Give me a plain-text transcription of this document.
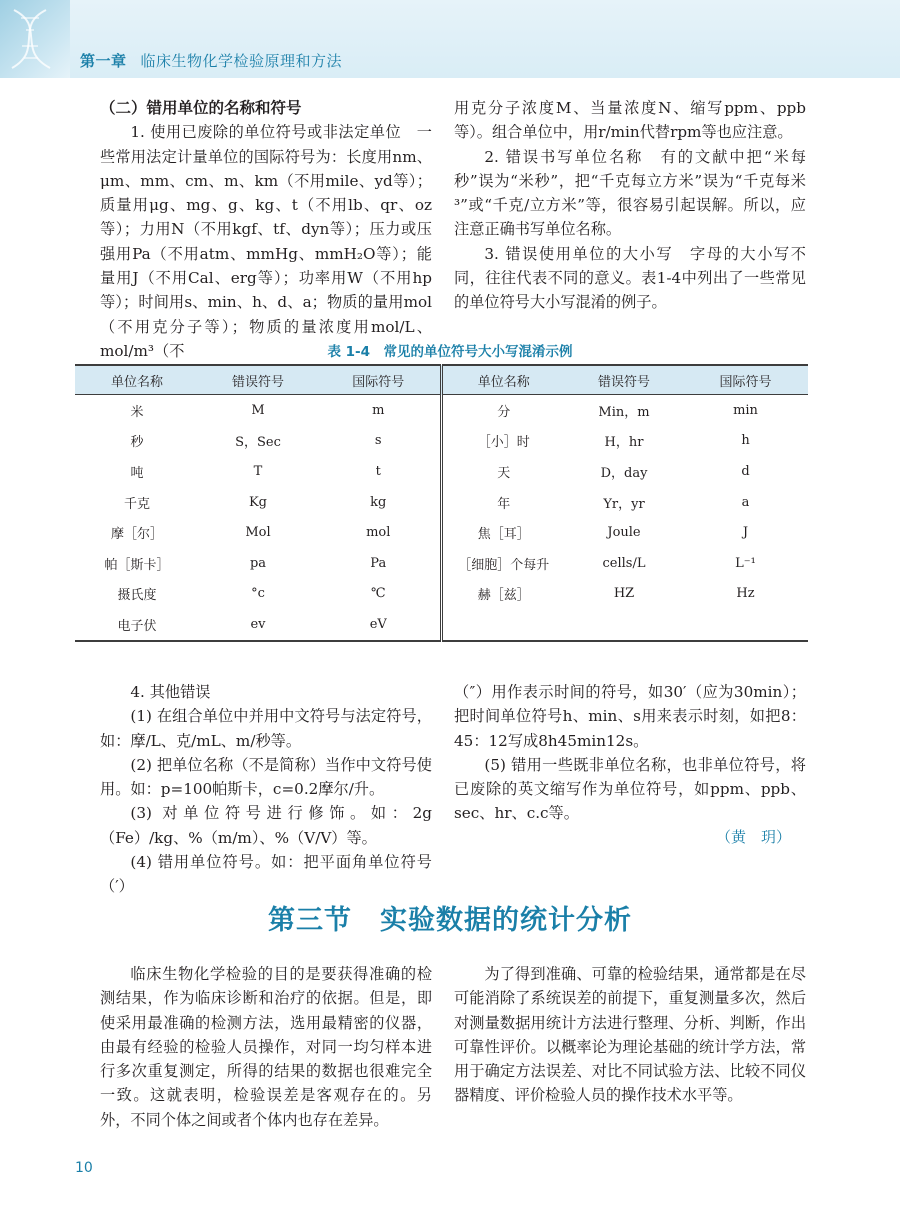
第一章 临床生物化学检验原理和方法

（二）错用单位的名称和符号

1. 使用已废除的单位符号或非法定单位　一些常用法定计量单位的国际符号为：长度用nm、μm、mm、cm、m、km（不用mile、yd等）；质量用μg、mg、g、kg、t（不用lb、qr、oz等）；力用N（不用kgf、tf、dyn等）；压力或压强用Pa（不用atm、mmHg、mmH₂O等）；能量用J（不用Cal、erg等）；功率用W（不用hp等）；时间用s、min、h、d、a；物质的量用mol（不用克分子等）；物质的量浓度用mol/L、mol/m³（不

用克分子浓度M、当量浓度N、缩写ppm、ppb等）。组合单位中，用r/min代替rpm等也应注意。

2. 错误书写单位名称　有的文献中把“米每秒”误为“米秒”，把“千克每立方米”误为“千克每米³”或“千克/立方米”等，很容易引起误解。所以，应注意正确书写单位名称。

3. 错误使用单位的大小写　字母的大小写不同，往往代表不同的意义。表1-4中列出了一些常见的单位符号大小写混淆的例子。

表 1-4　常见的单位符号大小写混淆示例
单位名称	错误符号	国际符号	单位名称	错误符号	国际符号
米	M	m	分	Min，m	min
秒	S，Sec	s	［小］时	H，hr	h
吨	T	t	天	D，day	d
千克	Kg	kg	年	Yr，yr	a
摩［尔］	Mol	mol	焦［耳］	Joule	J
帕［斯卡］	pa	Pa	［细胞］个每升	cells/L	L⁻¹
摄氏度	°c	℃	赫［兹］	HZ	Hz
电子伏	ev	eV			

4. 其他错误

(1) 在组合单位中并用中文符号与法定符号，如：摩/L、克/mL、m/秒等。

(2) 把单位名称（不是简称）当作中文符号使用。如：p=100帕斯卡，c=0.2摩尔/升。

(3) 对单位符号进行修饰。如：2g（Fe）/kg、%（m/m）、%（V/V）等。

(4) 错用单位符号。如：把平面角单位符号（′）

（″）用作表示时间的符号，如30′（应为30min）；把时间单位符号h、min、s用来表示时刻，如把8：45：12写成8h45min12s。

(5) 错用一些既非单位名称，也非单位符号，将已废除的英文缩写作为单位符号，如ppm、ppb、sec、hr、c.c等。

（黄　玥）
第三节　实验数据的统计分析

临床生物化学检验的目的是要获得准确的检测结果，作为临床诊断和治疗的依据。但是，即使采用最准确的检测方法，选用最精密的仪器，由最有经验的检验人员操作，对同一均匀样本进行多次重复测定，所得的结果的数据也很难完全一致。这就表明，检验误差是客观存在的。另外，不同个体之间或者个体内也存在差异。

为了得到准确、可靠的检验结果，通常都是在尽可能消除了系统误差的前提下，重复测量多次，然后对测量数据用统计方法进行整理、分析、判断，作出可靠性评价。以概率论为理论基础的统计学方法，常用于确定方法误差、对比不同试验方法、比较不同仪器精度、评价检验人员的操作技术水平等。

10
